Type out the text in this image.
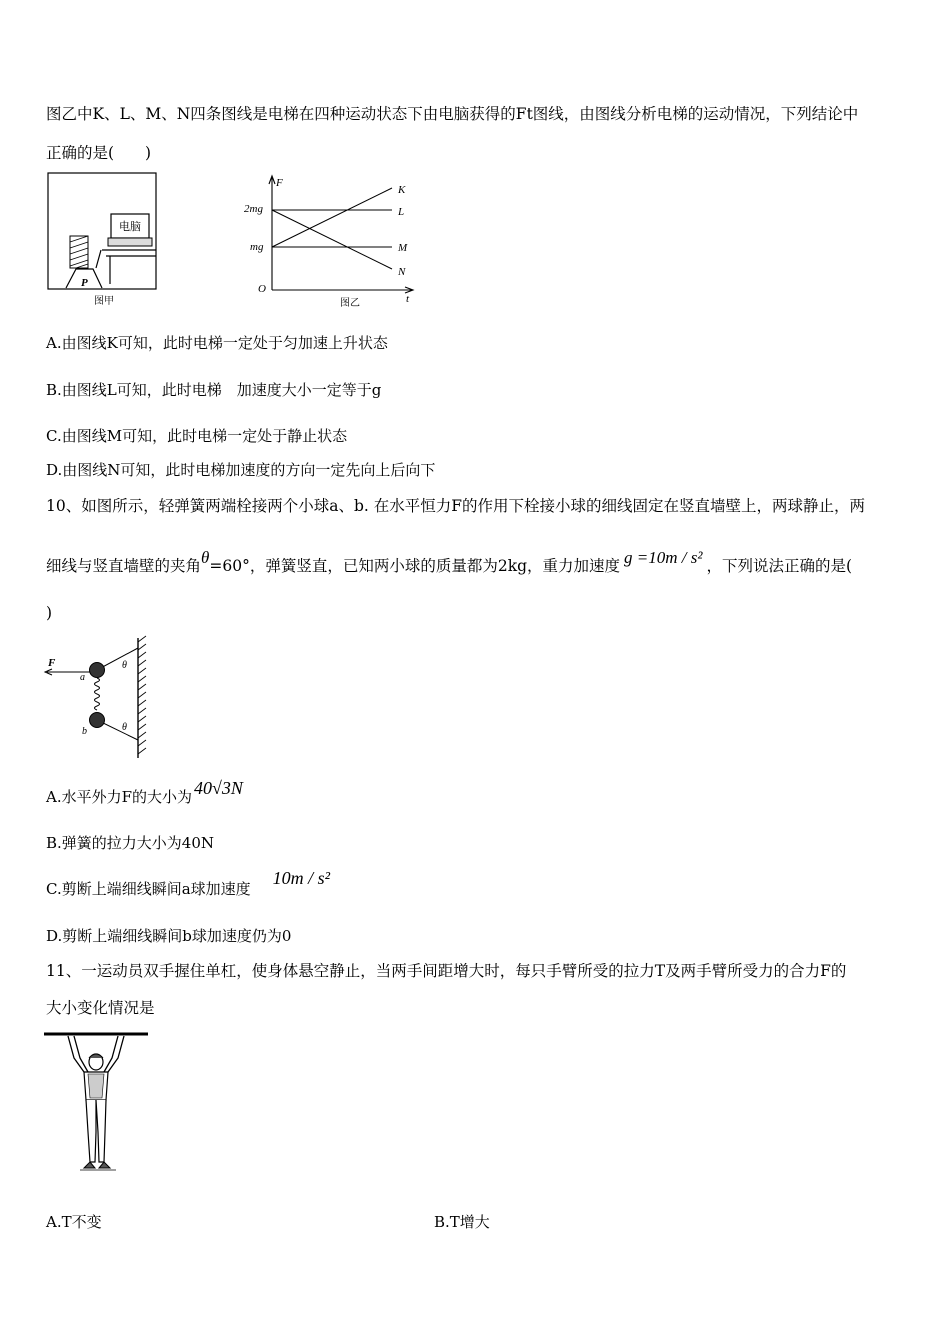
图乙中K、L、M、N四条图线是电梯在四种运动状态下由电脑获得的Ft图线，由图线分析电梯的运动情况，下列结论中
正确的是(　　)
电脑
P
图甲
F
t
O
2mg
mg
K
L
M
N
图乙
A.由图线K可知，此时电梯一定处于匀加速上升状态
B.由图线L可知，此时电梯　加速度大小一定等于g
C.由图线M可知，此时电梯一定处于静止状态
D.由图线N可知，此时电梯加速度的方向一定先向上后向下
10、如图所示，轻弹簧两端栓接两个小球a、b. 在水平恒力F的作用下栓接小球的细线固定在竖直墙壁上，两球静止，两
细线与竖直墙壁的夹角θ=60°，弹簧竖直，已知两小球的质量都为2kg，重力加速度 g =10m / s² ，下列说法正确的是(
)
F
a
b
θ
θ
A.水平外力F的大小为 40√3N
B.弹簧的拉力大小为40N
C.剪断上端细线瞬间a球加速度10m / s²
D.剪断上端细线瞬间b球加速度仍为0
11、一运动员双手握住单杠，使身体悬空静止，当两手间距增大时，每只手臂所受的拉力T及两手臂所受力的合力F的
大小变化情况是
A.T不变	B.T增大
